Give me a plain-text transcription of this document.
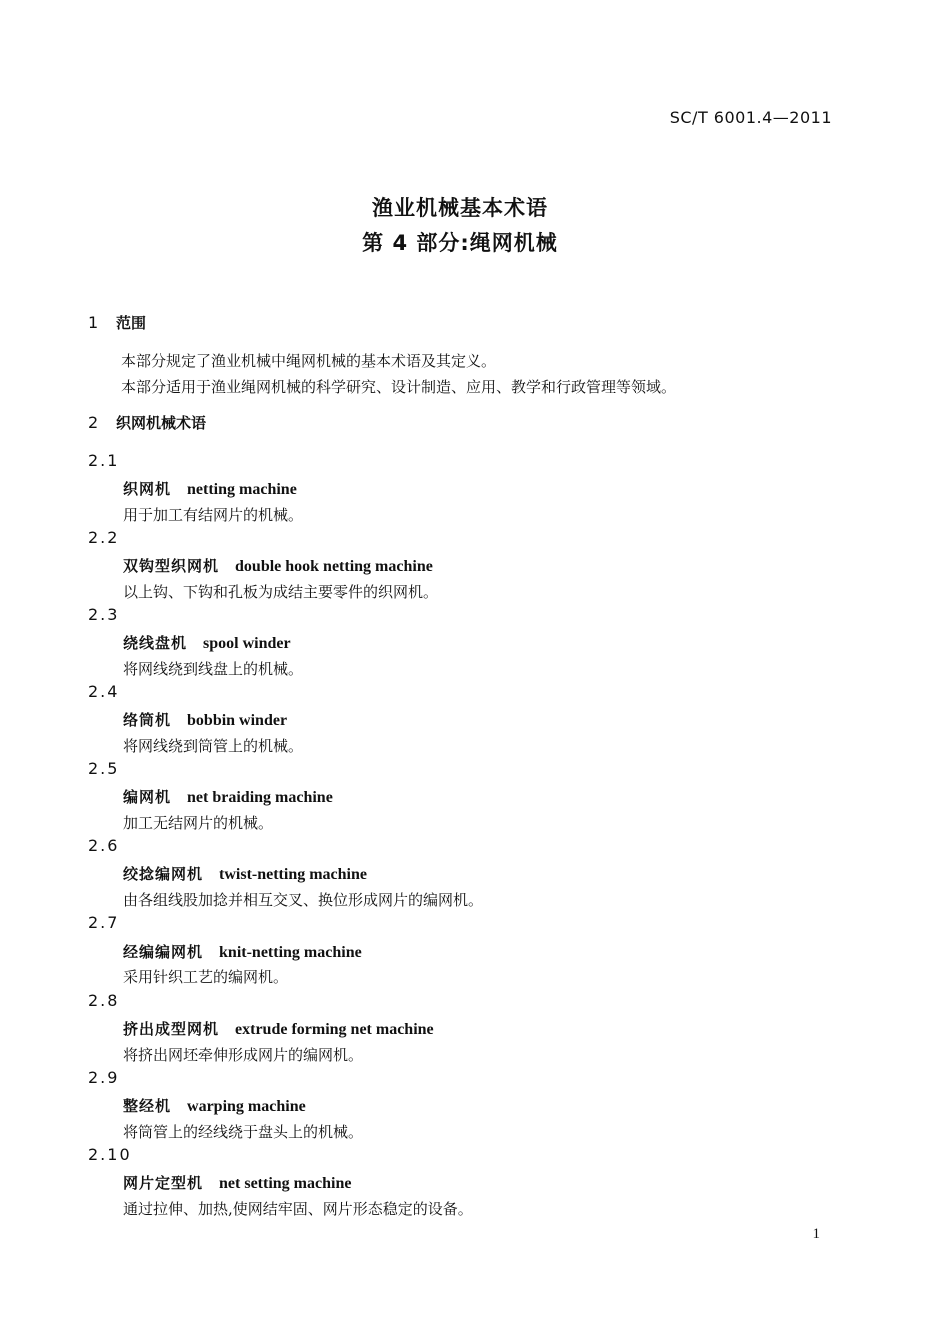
SC/T 6001.4—2011
渔业机械基本术语
第 4 部分:绳网机械
1	范围
本部分规定了渔业机械中绳网机械的基本术语及其定义。
本部分适用于渔业绳网机械的科学研究、设计制造、应用、教学和行政管理等领域。
2	织网机械术语
2.1
织网机 netting machine
用于加工有结网片的机械。
2.2
双钩型织网机 double hook netting machine
以上钩、下钩和孔板为成结主要零件的织网机。
2.3
绕线盘机 spool winder
将网线绕到线盘上的机械。
2.4
络筒机 bobbin winder
将网线绕到筒管上的机械。
2.5
编网机 net braiding machine
加工无结网片的机械。
2.6
绞捻编网机 twist-netting machine
由各组线股加捻并相互交叉、换位形成网片的编网机。
2.7
经编编网机 knit-netting machine
采用针织工艺的编网机。
2.8
挤出成型网机 extrude forming net machine
将挤出网坯牵伸形成网片的编网机。
2.9
整经机 warping machine
将筒管上的经线绕于盘头上的机械。
2.10
网片定型机 net setting machine
通过拉伸、加热,使网结牢固、网片形态稳定的设备。
1
